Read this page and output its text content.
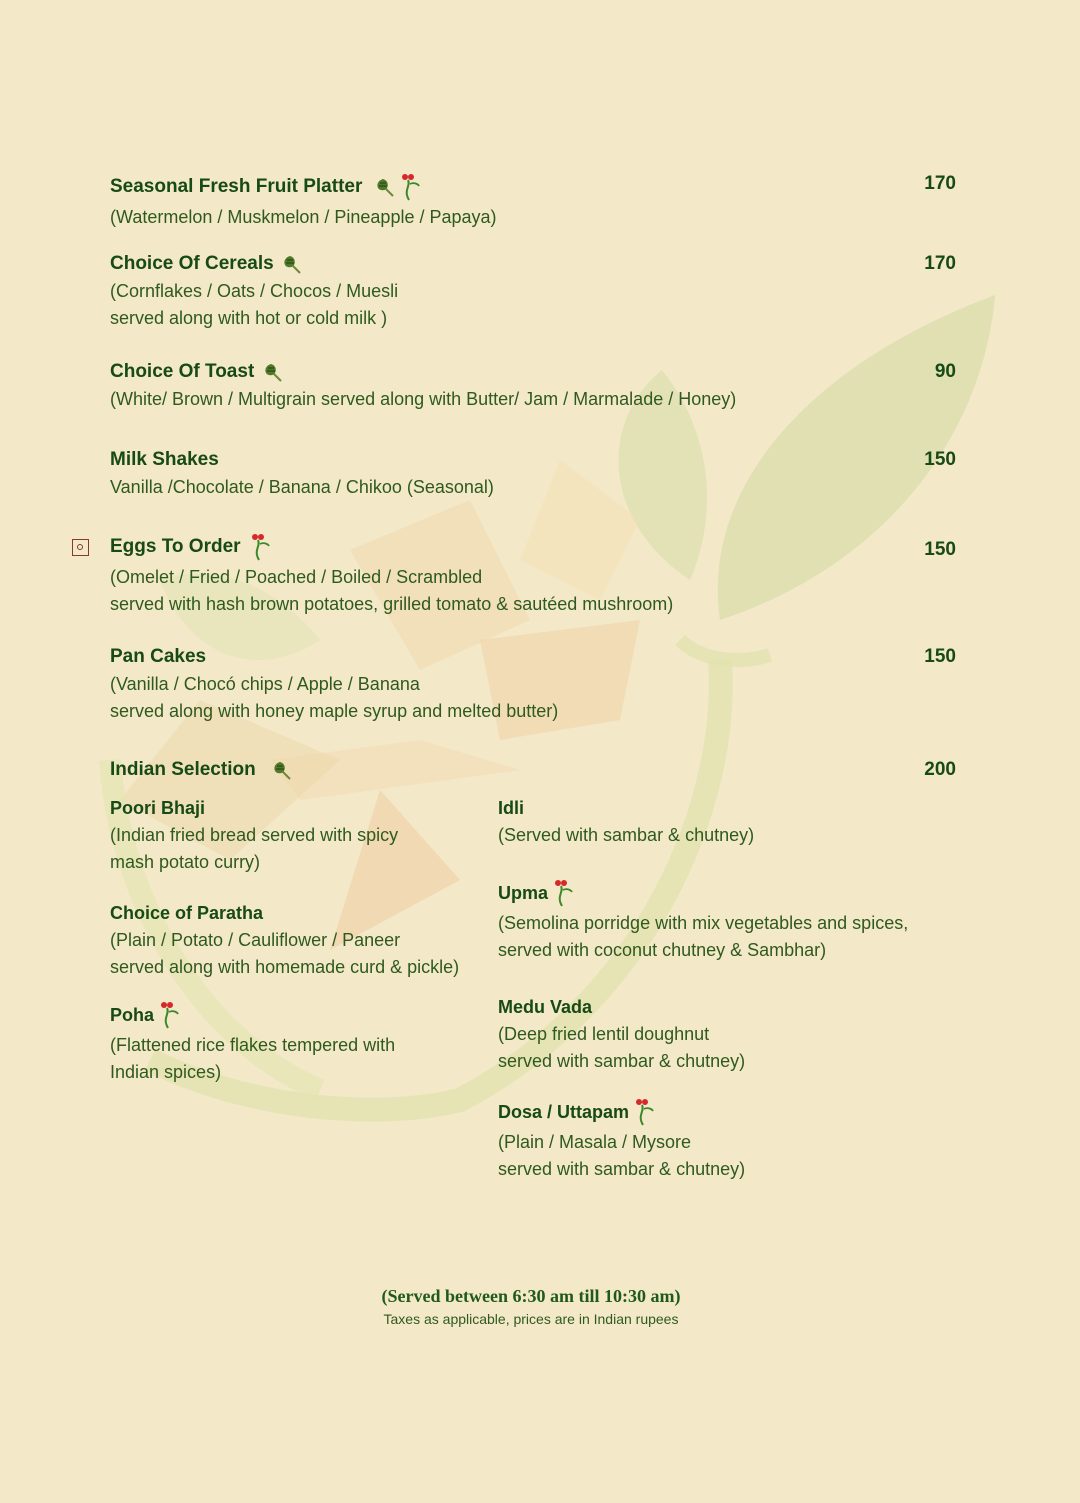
Seasonal Fresh Fruit Platter	170
(Watermelon / Muskmelon / Pineapple / Papaya)
Choice Of Cereals	170
(Cornflakes / Oats / Chocos / Muesli
served along with hot or cold milk )
Choice Of Toast	90
(White/ Brown / Multigrain served along with Butter/ Jam / Marmalade / Honey)
Milk Shakes	150
Vanilla /Chocolate / Banana / Chikoo (Seasonal)
Eggs To Order	150
(Omelet / Fried / Poached / Boiled / Scrambled
served with hash brown potatoes, grilled tomato & sautéed mushroom)
Pan Cakes	150
(Vanilla / Chocó chips / Apple / Banana
served along with honey maple syrup and melted butter)
Indian Selection	200
Poori Bhaji
(Indian fried bread served with spicy
mash potato curry)
Choice of Paratha
(Plain / Potato / Cauliflower / Paneer
served along with homemade curd & pickle)
Poha
(Flattened rice flakes tempered with
Indian spices)
Idli
(Served with sambar & chutney)
Upma
(Semolina porridge with mix vegetables and spices,
served with coconut chutney & Sambhar)
Medu Vada
(Deep fried lentil doughnut
served with sambar & chutney)
Dosa / Uttapam
(Plain / Masala / Mysore
served with sambar & chutney)
(Served between 6:30 am till 10:30 am)
Taxes as applicable, prices are in Indian rupees
